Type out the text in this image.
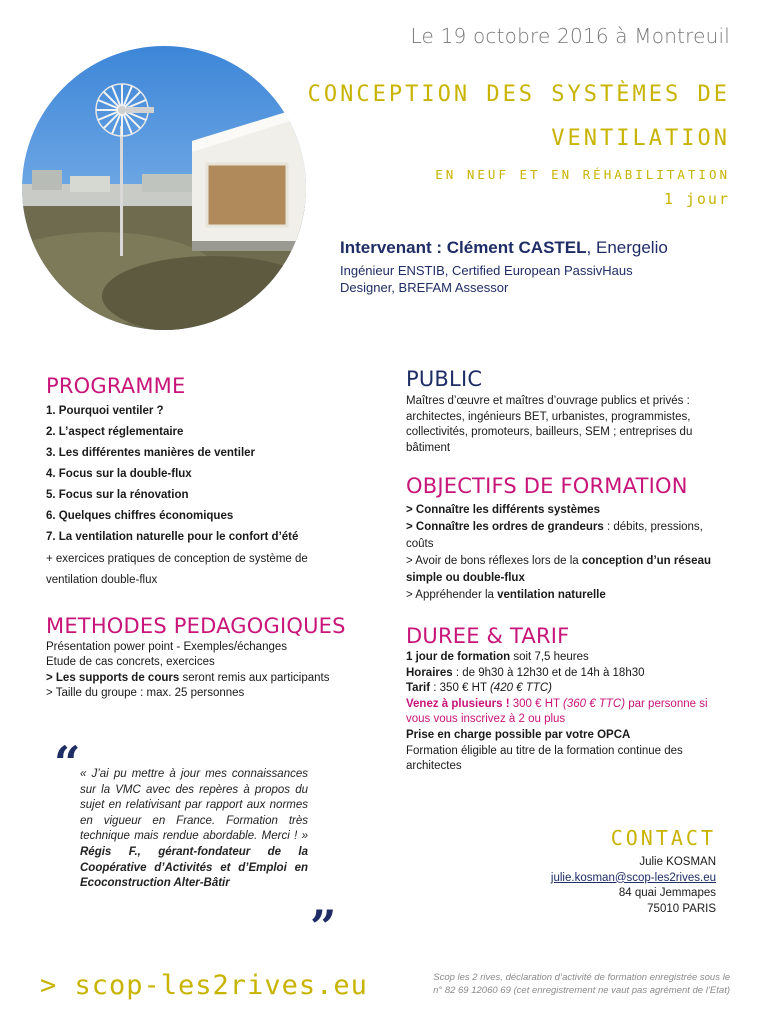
Le 19 octobre 2016 à Montreuil
CONCEPTION DES SYSTÈMES DE
VENTILATION
EN NEUF ET EN RÉHABILITATION
1 jour
Intervenant : Clément CASTEL, Energelio
Ingénieur ENSTIB, Certified European PassivHaus
Designer, BREFAM Assessor
PROGRAMME
1. Pourquoi ventiler ?
2. L’aspect réglementaire
3. Les différentes manières de ventiler
4. Focus sur la double-flux
5. Focus sur la rénovation
6. Quelques chiffres économiques
7. La ventilation naturelle pour le confort d’été
+ exercices pratiques de conception de système de ventilation double-flux
METHODES PEDAGOGIQUES
Présentation power point - Exemples/échanges
Etude de cas concrets, exercices
> Les supports de cours seront remis aux participants
> Taille du groupe : max. 25 personnes
“ « J’ai pu mettre à jour mes connaissances sur la VMC avec des repères à propos du sujet en relativisant par rapport aux normes en vigueur en France. Formation très technique mais rendue abordable. Merci ! » Régis F., gérant-fondateur de la Coopérative d’Activités et d’Emploi en Ecoconstruction Alter-Bâtir
”
PUBLIC
Maîtres d’œuvre et maîtres d’ouvrage publics et privés : architectes, ingénieurs BET, urbanistes, programmistes, collectivités, promoteurs, bailleurs, SEM ; entreprises du bâtiment
OBJECTIFS DE FORMATION
> Connaître les différents systèmes
> Connaître les ordres de grandeurs : débits, pressions, coûts
> Avoir de bons réflexes lors de la conception d’un réseau simple ou double-flux
> Appréhender la ventilation naturelle
DUREE & TARIF
1 jour de formation soit 7,5 heures
Horaires : de 9h30 à 12h30 et de 14h à 18h30
Tarif : 350 € HT (420 € TTC)
Venez à plusieurs ! 300 € HT (360 € TTC) par personne si vous vous inscrivez à 2 ou plus
Prise en charge possible par votre OPCA
Formation éligible au titre de la formation continue des architectes
CONTACT
Julie KOSMAN
julie.kosman@scop-les2rives.eu
84 quai Jemmapes
75010 PARIS
> scop-les2rives.eu	Scop les 2 rives, déclaration d’activité de formation enregistrée sous le n° 82 69 12060 69 (cet enregistrement ne vaut pas agrément de l’Etat)
